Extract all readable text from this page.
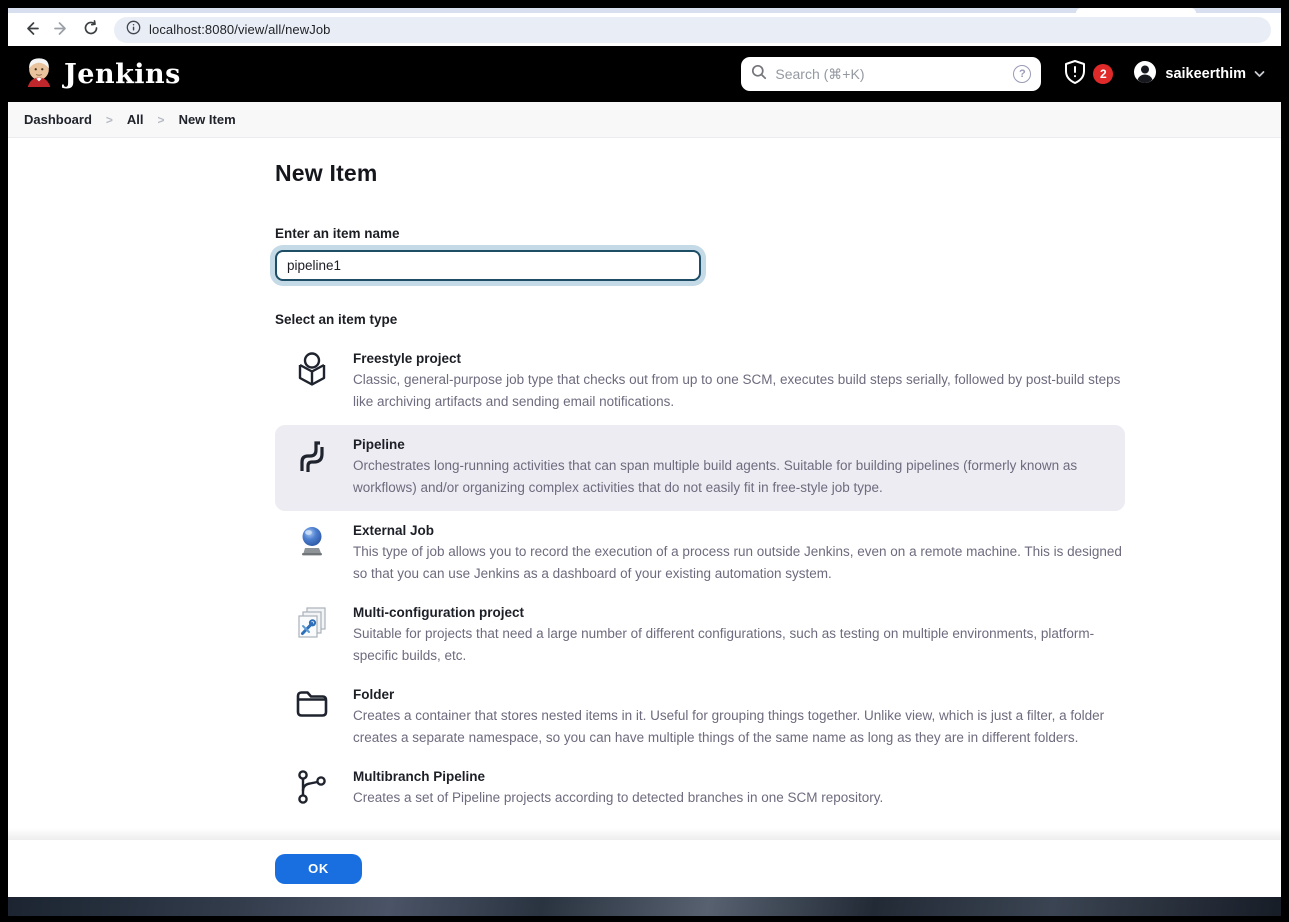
localhost:8080/view/all/newJob
Jenkins
Search (⌘+K)	?	2	saikeerthim
Dashboard > All > New Item
New Item
Enter an item name
pipeline1
Select an item type
Freestyle project
Classic, general-purpose job type that checks out from up to one SCM, executes build steps serially, followed by post-build steps like archiving artifacts and sending email notifications.
Pipeline
Orchestrates long-running activities that can span multiple build agents. Suitable for building pipelines (formerly known as workflows) and/or organizing complex activities that do not easily fit in free-style job type.
External Job
This type of job allows you to record the execution of a process run outside Jenkins, even on a remote machine. This is designed so that you can use Jenkins as a dashboard of your existing automation system.
Multi-configuration project
Suitable for projects that need a large number of different configurations, such as testing on multiple environments, platform-specific builds, etc.
Folder
Creates a container that stores nested items in it. Useful for grouping things together. Unlike view, which is just a filter, a folder creates a separate namespace, so you can have multiple things of the same name as long as they are in different folders.
Multibranch Pipeline
Creates a set of Pipeline projects according to detected branches in one SCM repository.
OK
